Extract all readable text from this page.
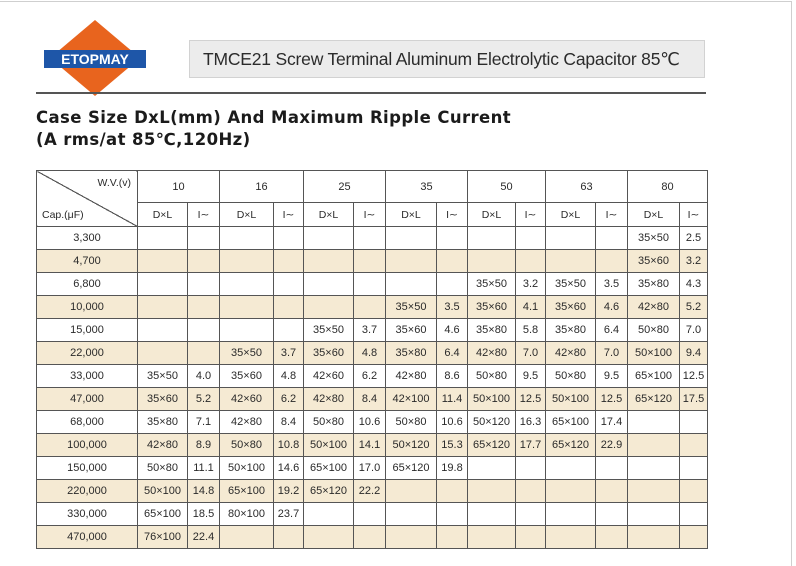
ETOPMAY	TMCE21 Screw Terminal Aluminum Electrolytic Capacitor 85℃
Case Size DxL(mm) And Maximum Ripple Current
(A rms/at 85℃,120Hz)
W.V.(v)
Cap.(μF)	10		16		25		35		50		63		80	
	D×L	I∼	D×L	I∼	D×L	I∼	D×L	I∼	D×L	I∼	D×L	I∼	D×L	I∼
3,300													35×50	2.5
4,700													35×60	3.2
6,800									35×50	3.2	35×50	3.5	35×80	4.3
10,000							35×50	3.5	35×60	4.1	35×60	4.6	42×80	5.2
15,000					35×50	3.7	35×60	4.6	35×80	5.8	35×80	6.4	50×80	7.0
22,000			35×50	3.7	35×60	4.8	35×80	6.4	42×80	7.0	42×80	7.0	50×100	9.4
33,000	35×50	4.0	35×60	4.8	42×60	6.2	42×80	8.6	50×80	9.5	50×80	9.5	65×100	12.5
47,000	35×60	5.2	42×60	6.2	42×80	8.4	42×100	11.4	50×100	12.5	50×100	12.5	65×120	17.5
68,000	35×80	7.1	42×80	8.4	50×80	10.6	50×80	10.6	50×120	16.3	65×100	17.4		
100,000	42×80	8.9	50×80	10.8	50×100	14.1	50×120	15.3	65×120	17.7	65×120	22.9		
150,000	50×80	11.1	50×100	14.6	65×100	17.0	65×120	19.8						
220,000	50×100	14.8	65×100	19.2	65×120	22.2								
330,000	65×100	18.5	80×100	23.7										
470,000	76×100	22.4												
